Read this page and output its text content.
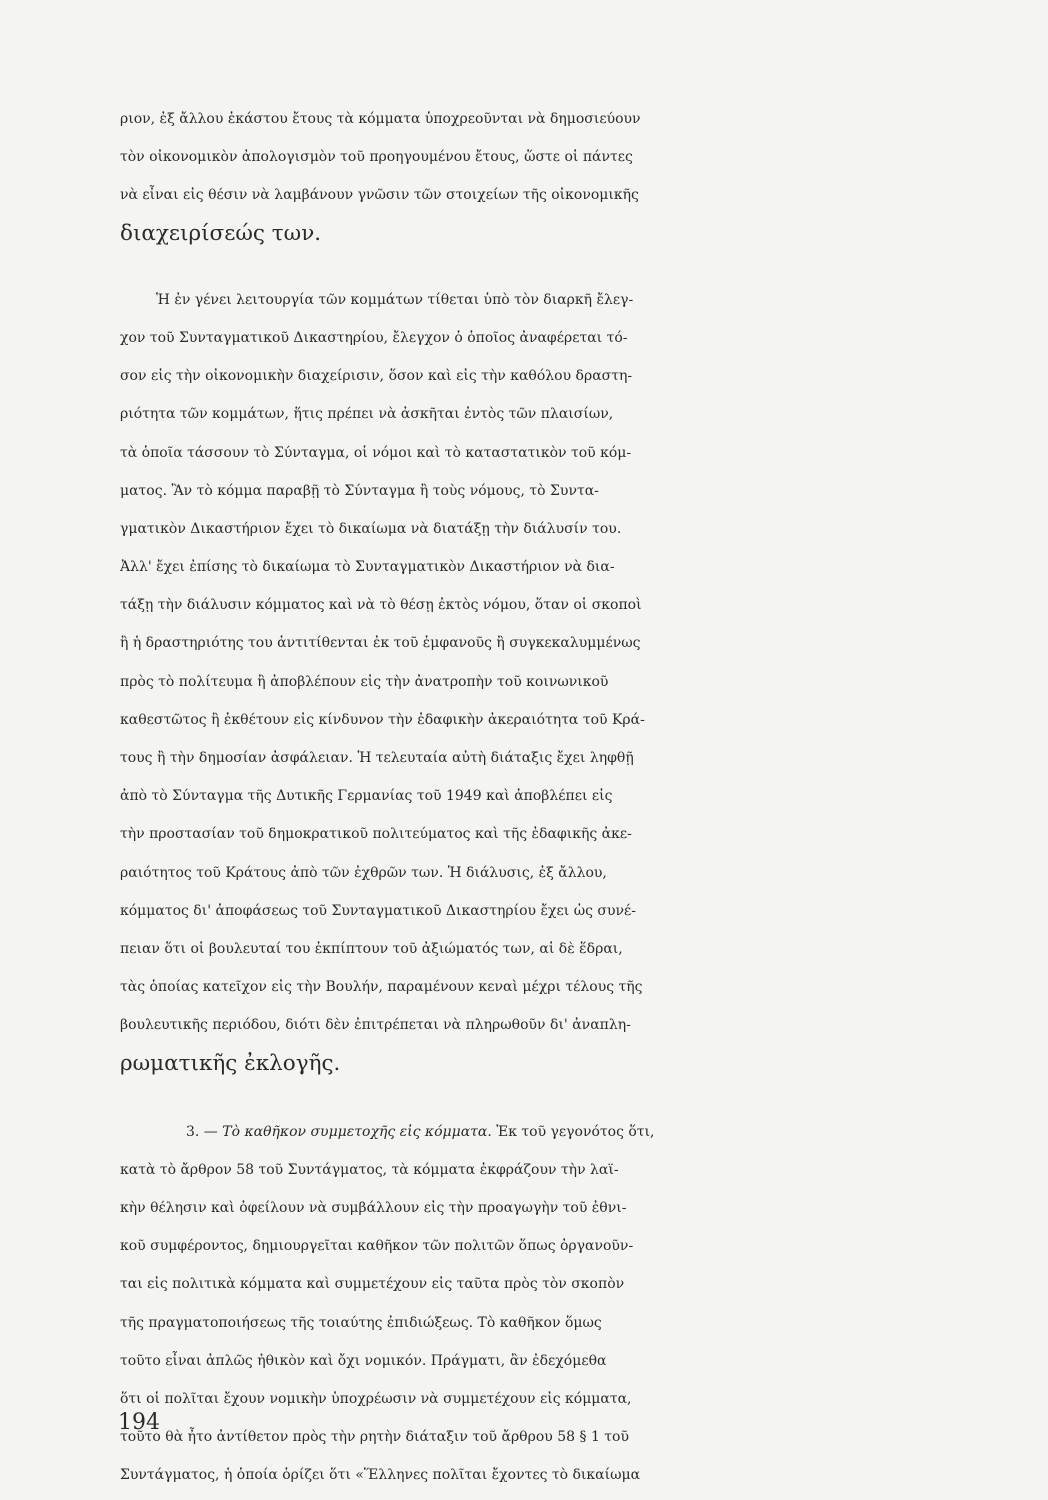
ριον, ἐξ ἄλλου ἑκάστου ἔτους τὰ κόμματα ὑποχρεοῦνται νὰ δημοσιεύουν
τὸν οἰκονομικὸν ἀπολογισμὸν τοῦ προηγουμένου ἔτους, ὥστε οἱ πάντες
νὰ εἶναι εἰς θέσιν νὰ λαμβάνουν γνῶσιν τῶν στοιχείων τῆς οἰκονομικῆς
διαχειρίσεώς των.
Ἡ ἐν γένει λειτουργία τῶν κομμάτων τίθεται ὑπὸ τὸν διαρκῆ ἔλεγ-
χον τοῦ Συνταγματικοῦ Δικαστηρίου, ἔλεγχον ὁ ὁποῖος ἀναφέρεται τό-
σον εἰς τὴν οἰκονομικὴν διαχείρισιν, ὅσον καὶ εἰς τὴν καθόλου δραστη-
ριότητα τῶν κομμάτων, ἥτις πρέπει νὰ ἀσκῆται ἐντὸς τῶν πλαισίων,
τὰ ὁποῖα τάσσουν τὸ Σύνταγμα, οἱ νόμοι καὶ τὸ καταστατικὸν τοῦ κόμ-
ματος. Ἂν τὸ κόμμα παραβῇ τὸ Σύνταγμα ἢ τοὺς νόμους, τὸ Συντα-
γματικὸν Δικαστήριον ἔχει τὸ δικαίωμα νὰ διατάξῃ τὴν διάλυσίν του.
Ἀλλ' ἔχει ἐπίσης τὸ δικαίωμα τὸ Συνταγματικὸν Δικαστήριον νὰ δια-
τάξῃ τὴν διάλυσιν κόμματος καὶ νὰ τὸ θέσῃ ἐκτὸς νόμου, ὅταν οἱ σκοποὶ
ἢ ἡ δραστηριότης του ἀντιτίθενται ἐκ τοῦ ἐμφανοῦς ἢ συγκεκαλυμμένως
πρὸς τὸ πολίτευμα ἢ ἀποβλέπουν εἰς τὴν ἀνατροπὴν τοῦ κοινωνικοῦ
καθεστῶτος ἢ ἐκθέτουν εἰς κίνδυνον τὴν ἐδαφικὴν ἀκεραιότητα τοῦ Κρά-
τους ἢ τὴν δημοσίαν ἀσφάλειαν. Ἡ τελευταία αὐτὴ διάταξις ἔχει ληφθῇ
ἀπὸ τὸ Σύνταγμα τῆς Δυτικῆς Γερμανίας τοῦ 1949 καὶ ἀποβλέπει εἰς
τὴν προστασίαν τοῦ δημοκρατικοῦ πολιτεύματος καὶ τῆς ἐδαφικῆς ἀκε-
ραιότητος τοῦ Κράτους ἀπὸ τῶν ἐχθρῶν των. Ἡ διάλυσις, ἐξ ἄλλου,
κόμματος δι' ἀποφάσεως τοῦ Συνταγματικοῦ Δικαστηρίου ἔχει ὡς συνέ-
πειαν ὅτι οἱ βουλευταί του ἐκπίπτουν τοῦ ἀξιώματός των, αἱ δὲ ἕδραι,
τὰς ὁποίας κατεῖχον εἰς τὴν Βουλήν, παραμένουν κεναὶ μέχρι τέλους τῆς
βουλευτικῆς περιόδου, διότι δὲν ἐπιτρέπεται νὰ πληρωθοῦν δι' ἀναπλη-
ρωματικῆς ἐκλογῆς.
3. — Τὸ καθῆκον συμμετοχῆς εἰς κόμματα. Ἐκ τοῦ γεγονότος ὅτι,
κατὰ τὸ ἄρθρον 58 τοῦ Συντάγματος, τὰ κόμματα ἐκφράζουν τὴν λαϊ-
κὴν θέλησιν καὶ ὀφείλουν νὰ συμβάλλουν εἰς τὴν προαγωγὴν τοῦ ἐθνι-
κοῦ συμφέροντος, δημιουργεῖται καθῆκον τῶν πολιτῶν ὅπως ὀργανοῦν-
ται εἰς πολιτικὰ κόμματα καὶ συμμετέχουν εἰς ταῦτα πρὸς τὸν σκοπὸν
τῆς πραγματοποιήσεως τῆς τοιαύτης ἐπιδιώξεως. Τὸ καθῆκον ὅμως
τοῦτο εἶναι ἁπλῶς ἠθικὸν καὶ ὄχι νομικόν. Πράγματι, ἂν ἐδεχόμεθα
ὅτι οἱ πολῖται ἔχουν νομικὴν ὑποχρέωσιν νὰ συμμετέχουν εἰς κόμματα,
τοῦτο θὰ ἦτο ἀντίθετον πρὸς τὴν ρητὴν διάταξιν τοῦ ἄρθρου 58 § 1 τοῦ
Συντάγματος, ἡ ὁποία ὁρίζει ὅτι «Ἕλληνες πολῖται ἔχοντες τὸ δικαίωμα
194
